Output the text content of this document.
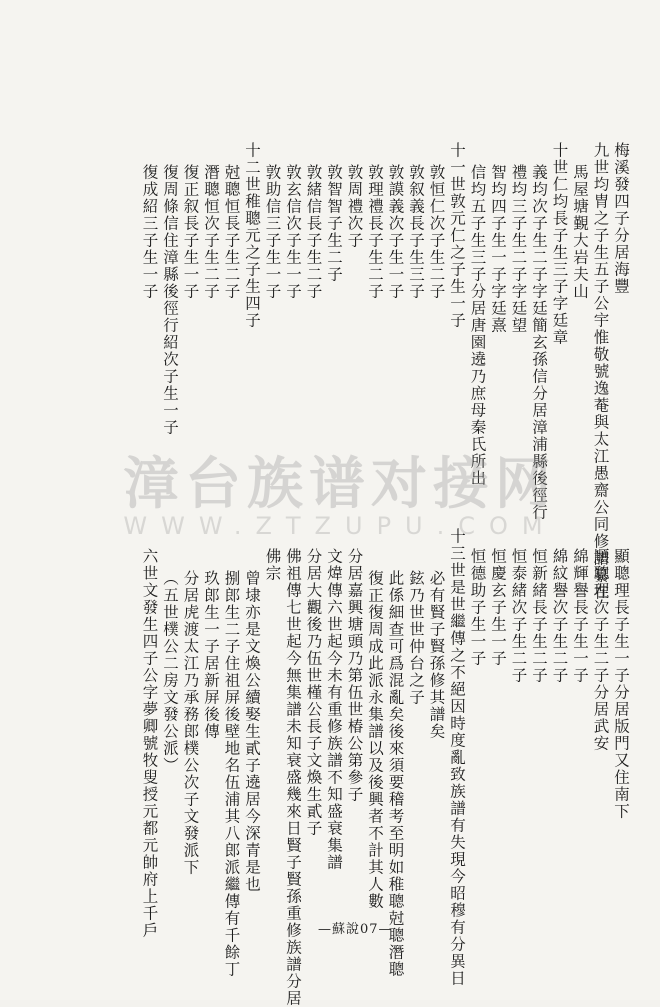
梅溪發四子分居海豐
九世均胄之子生五子公宇惟敬號逸菴與太江愚齋公同修譜纂在
馬屋塘覲大岩夫山
十世仁均長子生三子字廷章
義均次子生二子字廷簡玄孫信分居漳浦縣後徑行
禮均三子生二子字廷望
智均四子生一子字廷熹
信均五子生三子分居唐園遶乃庶母秦氏所出
十一世敦元仁之子生一子
敦恒仁次子生二子
敦叙義長子生三子
敦謨義次子生一子
敦理禮長子生二子
敦周禮次子
敦智智子生二子
敦緒信長子生二子
敦玄信次子生一子
敦助信三子生一子
十二世稚聰元之子生四子
尅聰恒長子生二子
潛聰恒次子生二子
復正叙長子生一子
復周條信住漳縣後徑行紹次子生一子
復成紹三子生一子
顯聰理長子生一子分居版門又住南下
順聰理次子生二子分居武安
綿輝譽長子生一子
綿紋譽次子生二子
恒新緒長子生二子
恒泰緒次子生二子
恒慶玄子生一子
恒德助子生一子
十三世是世繼傳之不絕因時度亂致族譜有失現今昭穆有分異日
必有賢子賢孫修其譜矣
鉉乃世世仲台之子
此係細查可爲混亂矣後來須要稽考至明如稚聰尅聰潛聰
復正復周成此派永集譜以及後興者不計其人數
分居嘉興塘頭乃第伍世椿公第參子
文煒傳六世起今未有重修族譜不知盛衰集譜
分居大觀後乃伍世槿公長子文煥生貳子
佛祖傳七世起今無集譜未知衰盛幾來日賢子賢孫重修族譜分居
佛宗
曾埭亦是文煥公續娶生貳子遶居今深青是也
捌郎生二子住祖屏後壁地名伍浦其八郎派繼傳有千餘丁
玖郎生一子居新屏後傳
分居虎渡太江乃承務郎樸公次子文發派下
（五世樸公二房文發公派）
六世文發生四子公字夢卿號牧叟授元都元帥府上千戶
漳台族谱对接网
WWW.ZTZUPU.COM
—蘇說07—
